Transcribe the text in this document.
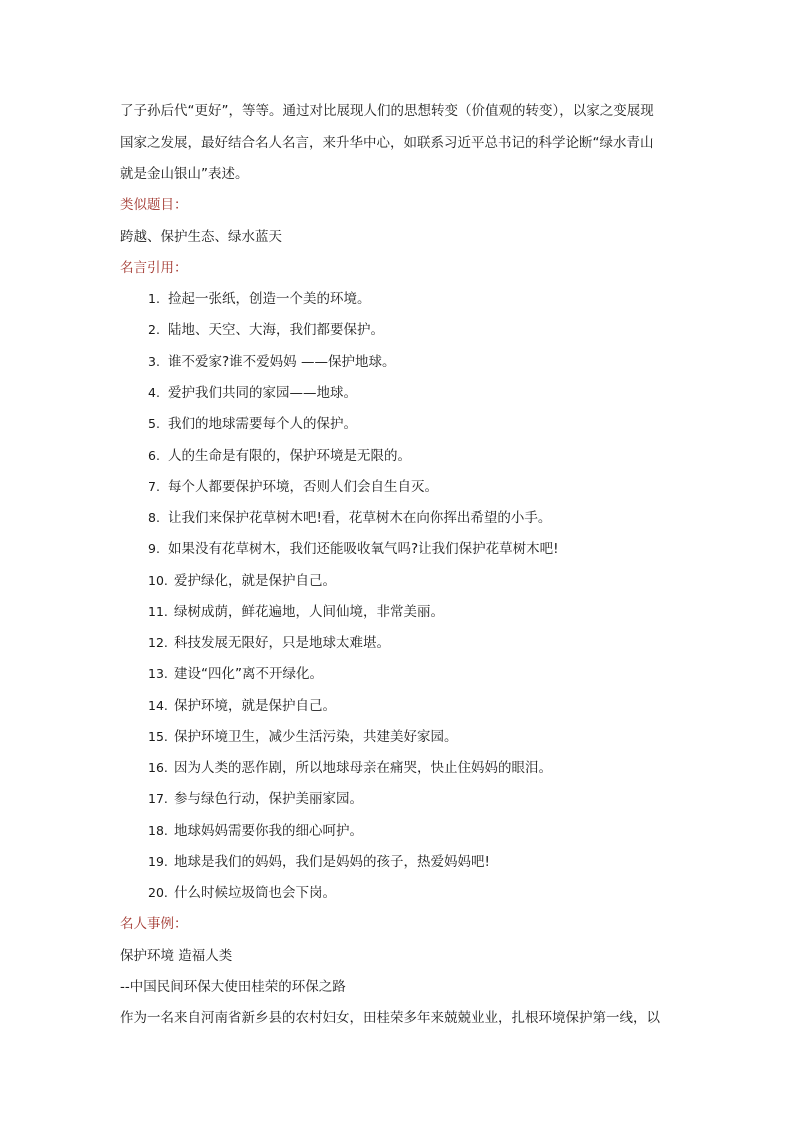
了子孙后代“更好”，等等。通过对比展现人们的思想转变（价值观的转变），以家之变展现
国家之发展，最好结合名人名言，来升华中心，如联系习近平总书记的科学论断“绿水青山
就是金山银山”表述。
类似题目：
跨越、保护生态、绿水蓝天
名言引用：
1. 捡起一张纸，创造一个美的环境。
2. 陆地、天空、大海，我们都要保护。
3. 谁不爱家?谁不爱妈妈 ——保护地球。
4. 爱护我们共同的家园——地球。
5. 我们的地球需要每个人的保护。
6. 人的生命是有限的，保护环境是无限的。
7. 每个人都要保护环境，否则人们会自生自灭。
8. 让我们来保护花草树木吧!看，花草树木在向你挥出希望的小手。
9. 如果没有花草树木，我们还能吸收氧气吗?让我们保护花草树木吧!
10. 爱护绿化，就是保护自己。
11. 绿树成荫，鲜花遍地，人间仙境，非常美丽。
12. 科技发展无限好，只是地球太难堪。
13. 建设“四化”离不开绿化。
14. 保护环境，就是保护自己。
15. 保护环境卫生，减少生活污染，共建美好家园。
16. 因为人类的恶作剧，所以地球母亲在痛哭，快止住妈妈的眼泪。
17. 参与绿色行动，保护美丽家园。
18. 地球妈妈需要你我的细心呵护。
19. 地球是我们的妈妈，我们是妈妈的孩子，热爱妈妈吧!
20. 什么时候垃圾筒也会下岗。
名人事例：
保护环境 造福人类
--中国民间环保大使田桂荣的环保之路
作为一名来自河南省新乡县的农村妇女，田桂荣多年来兢兢业业，扎根环境保护第一线，以
